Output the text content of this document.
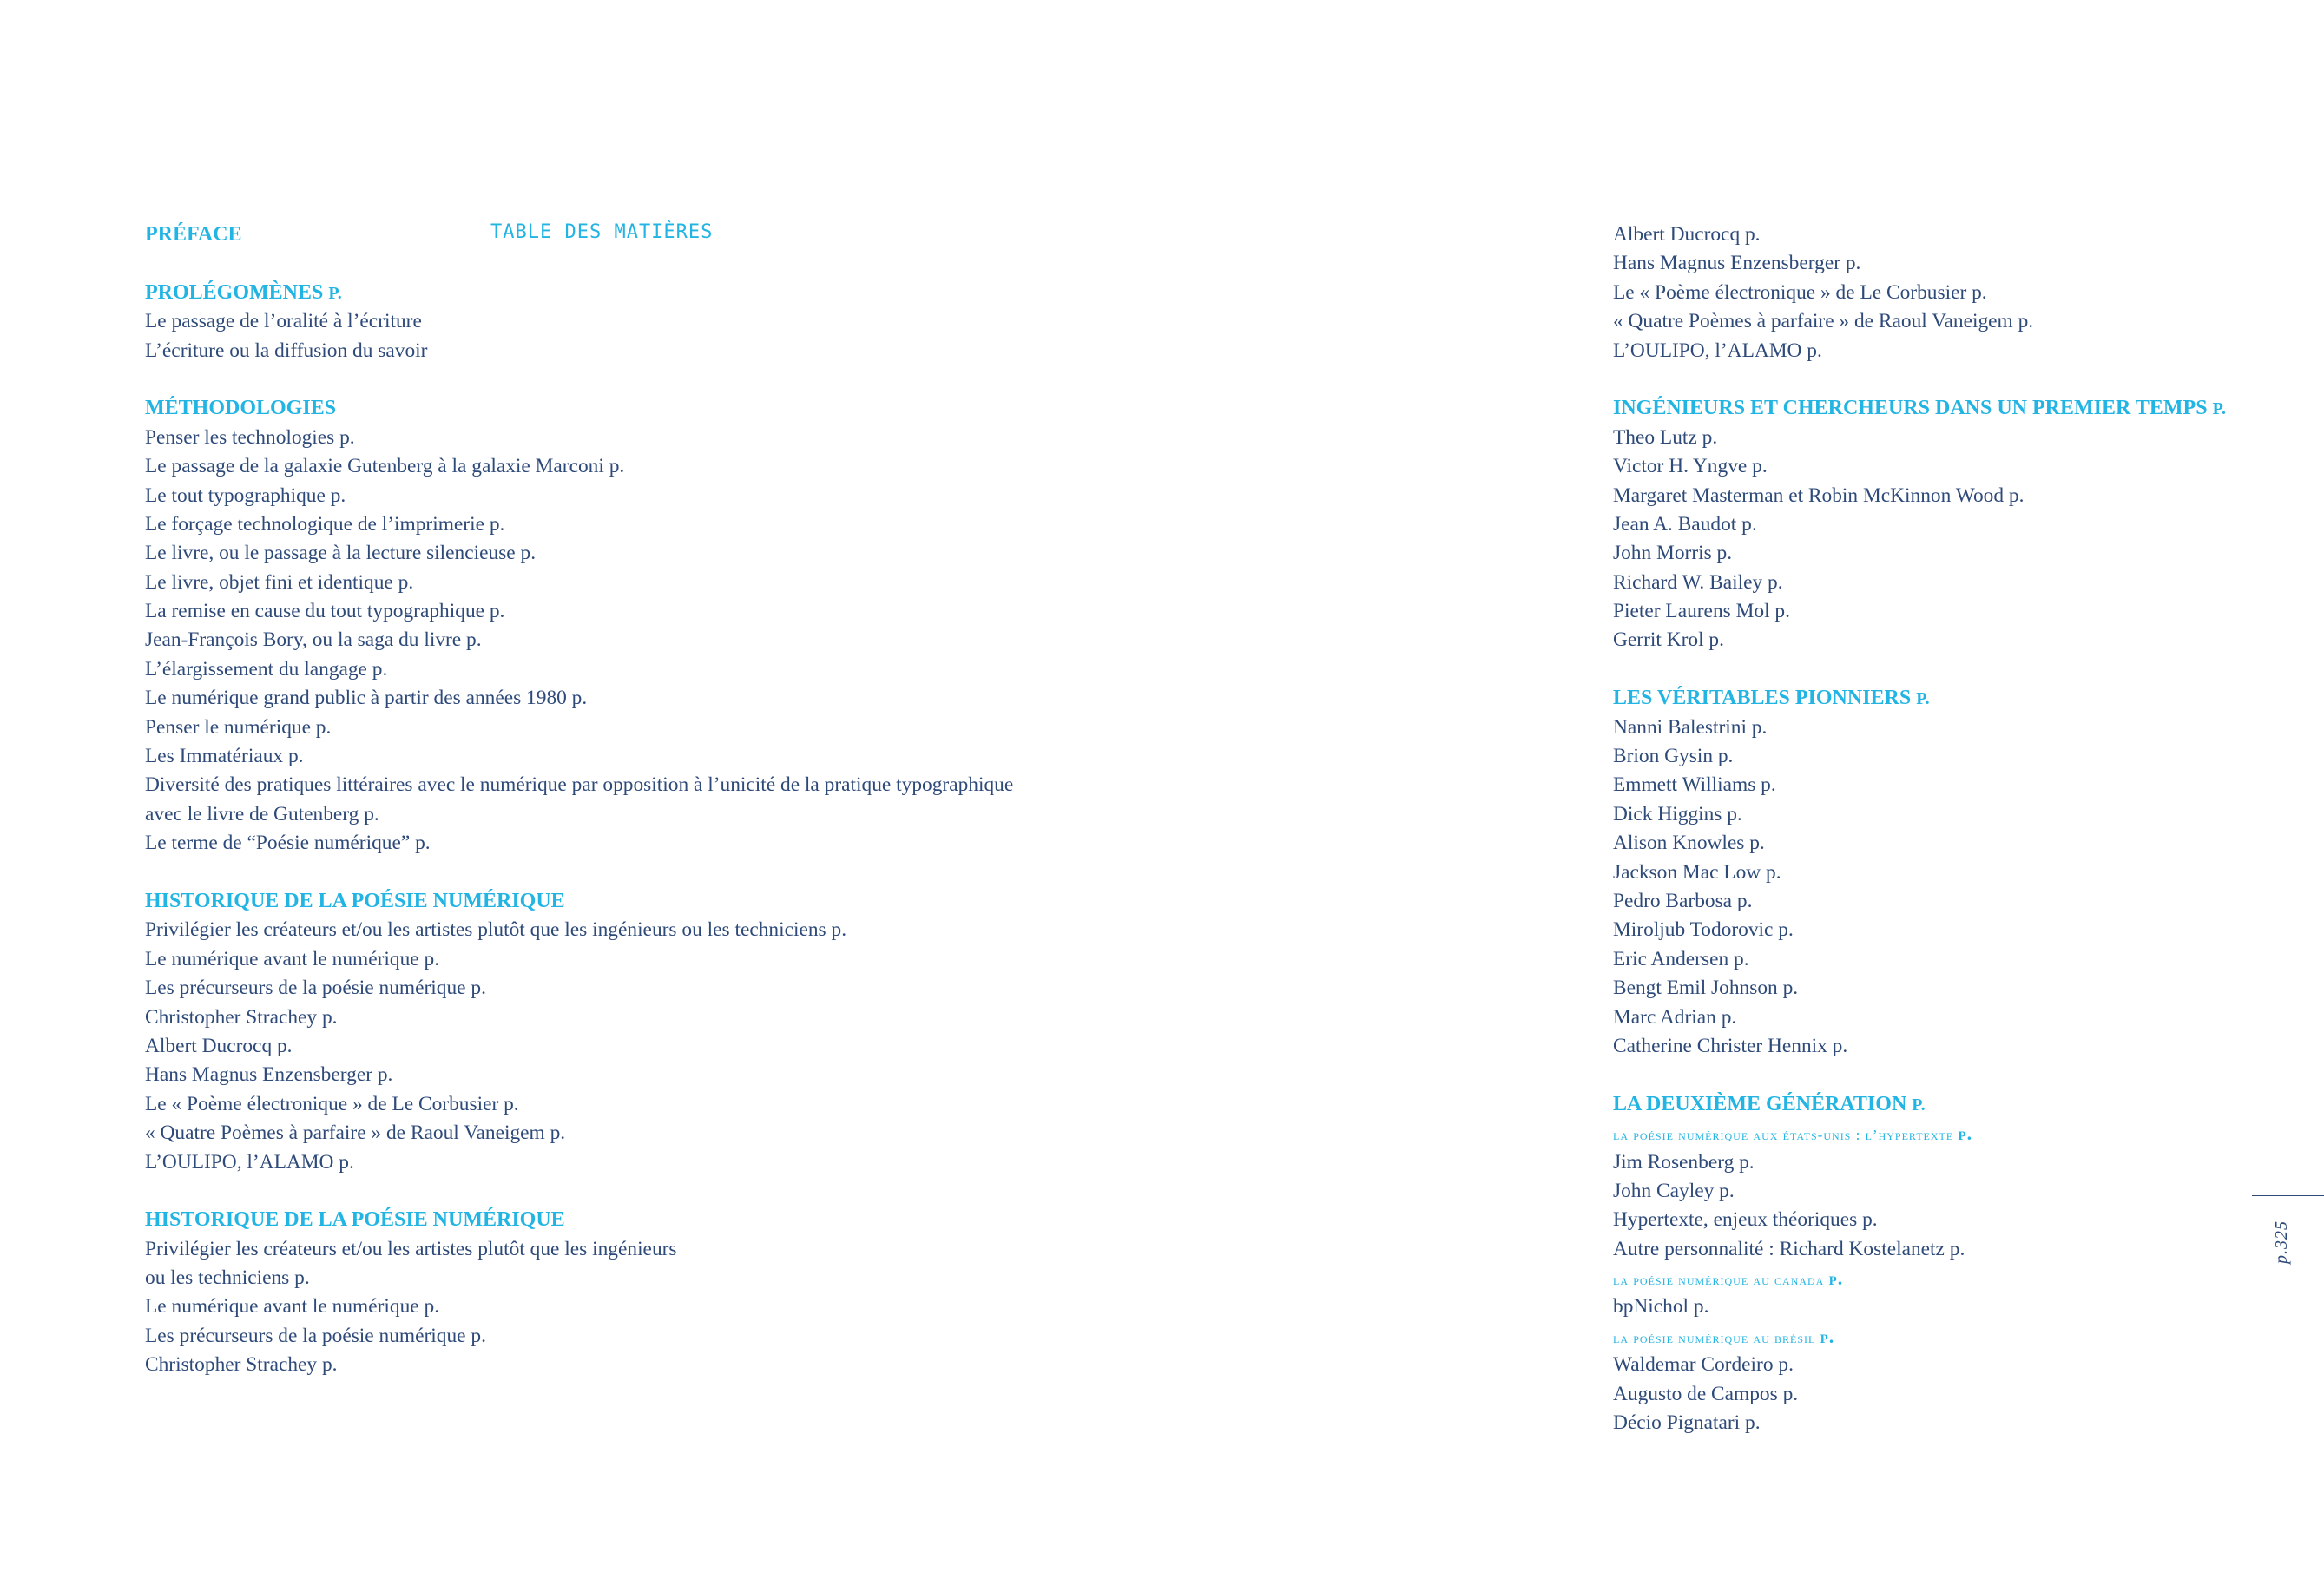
TABLE DES MATIÈRES
PRÉFACE
PROLÉGOMÈNES P.
Le passage de l’oralité à l’écriture
L’écriture ou la diffusion du savoir
MÉTHODOLOGIES
Penser les technologies p.
Le passage de la galaxie Gutenberg à la galaxie Marconi p.
Le tout typographique p.
Le forçage technologique de l’imprimerie p.
Le livre, ou le passage à la lecture silencieuse p.
Le livre, objet fini et identique p.
La remise en cause du tout typographique p.
Jean-François Bory, ou la saga du livre p.
L’élargissement du langage p.
Le numérique grand public à partir des années 1980 p.
Penser le numérique p.
Les Immatériaux p.
Diversité des pratiques littéraires avec le numérique par opposition à l’unicité de la pratique typographique
avec le livre de Gutenberg p.
Le terme de “Poésie numérique” p.
HISTORIQUE DE LA POÉSIE NUMÉRIQUE
Privilégier les créateurs et/ou les artistes plutôt que les ingénieurs ou les techniciens p.
Le numérique avant le numérique p.
Les précurseurs de la poésie numérique p.
Christopher Strachey p.
Albert Ducrocq p.
Hans Magnus Enzensberger p.
Le « Poème électronique » de Le Corbusier p.
« Quatre Poèmes à parfaire » de Raoul Vaneigem p.
L’OULIPO, l’ALAMO p.
HISTORIQUE DE LA POÉSIE NUMÉRIQUE
Privilégier les créateurs et/ou les artistes plutôt que les ingénieurs
ou les techniciens p.
Le numérique avant le numérique p.
Les précurseurs de la poésie numérique p.
Christopher Strachey p.
Albert Ducrocq p.
Hans Magnus Enzensberger p.
Le « Poème électronique » de Le Corbusier p.
« Quatre Poèmes à parfaire » de Raoul Vaneigem p.
L’OULIPO, l’ALAMO p.
INGÉNIEURS ET CHERCHEURS DANS UN PREMIER TEMPS P.
Theo Lutz p.
Victor H. Yngve p.
Margaret Masterman et Robin McKinnon Wood p.
Jean A. Baudot p.
John Morris p.
Richard W. Bailey p.
Pieter Laurens Mol p.
Gerrit Krol p.
LES VÉRITABLES PIONNIERS P.
Nanni Balestrini p.
Brion Gysin p.
Emmett Williams p.
Dick Higgins p.
Alison Knowles p.
Jackson Mac Low p.
Pedro Barbosa p.
Miroljub Todorovic p.
Eric Andersen p.
Bengt Emil Johnson p.
Marc Adrian p.
Catherine Christer Hennix p.
LA DEUXIÈME GÉNÉRATION P.
la poésie numérique aux états-unis : l’hypertexte p.
Jim Rosenberg p.
John Cayley p.
Hypertexte, enjeux théoriques p.
Autre personnalité : Richard Kostelanetz p.
la poésie numérique au canada p.
bpNichol p.
la poésie numérique au brésil p.
Waldemar Cordeiro p.
Augusto de Campos p.
Décio Pignatari p.
p.325
